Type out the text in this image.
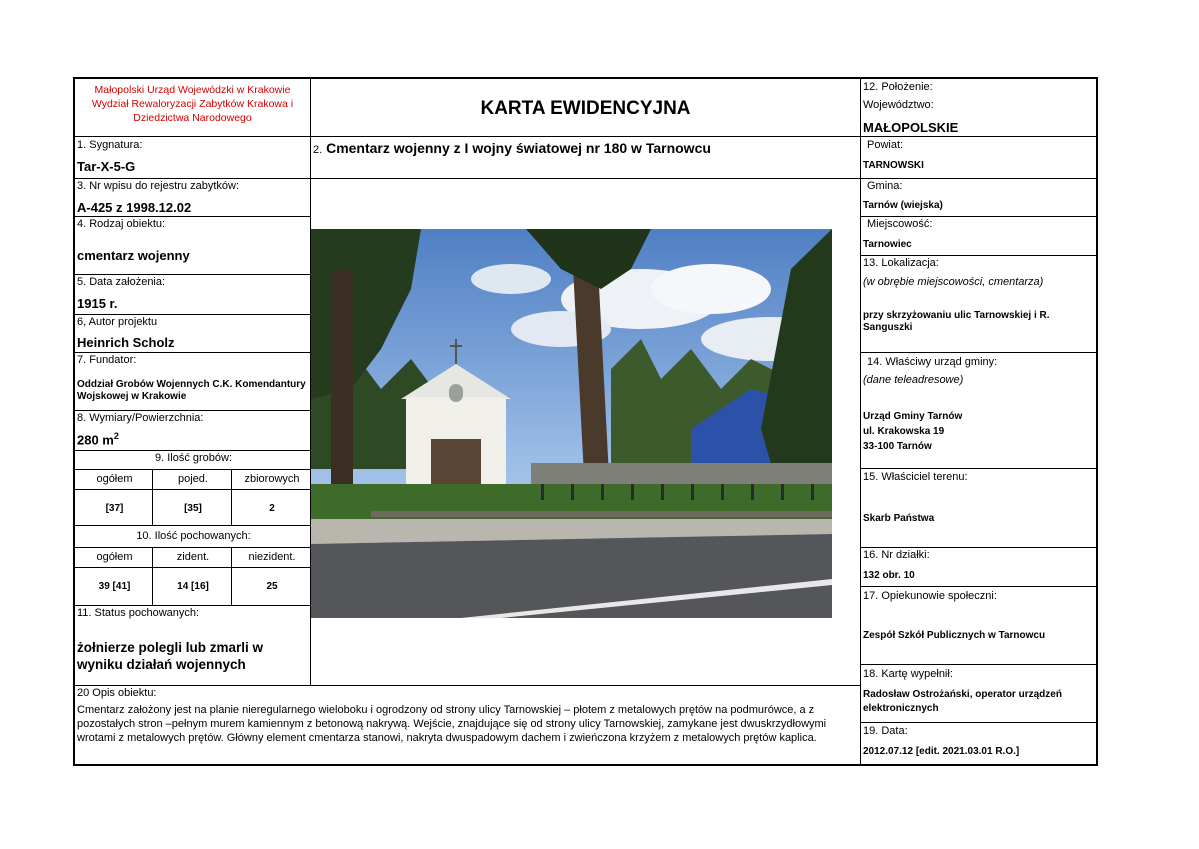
Małopolski Urząd Wojewódzki w Krakowie
Wydział Rewaloryzacji Zabytków Krakowa i
Dziedzictwa Narodowego
1. Sygnatura:
Tar-X-5-G
3. Nr wpisu do rejestru zabytków:
A-425 z 1998.12.02
4. Rodzaj obiektu:
cmentarz wojenny
5. Data założenia:
1915 r.
6, Autor projektu
Heinrich Scholz
7. Fundator:
Oddział Grobów Wojennych C.K. Komendantury Wojskowej w Krakowie
8. Wymiary/Powierzchnia:
280 $m^2$
9. Ilość grobów:
ogółem	pojed.	zbiorowych
[37]	[35]	2
10. Ilość pochowanych:
ogółem	zident.	niezident.
39 [41]	14 [16]	25
11. Status pochowanych:
żołnierze polegli lub zmarli w wyniku działań wojennych
20 Opis obiektu:
Cmentarz założony jest na planie nieregularnego wieloboku i ogrodzony od strony ulicy Tarnowskiej – płotem z metalowych prętów na podmurówce, a z pozostałych stron –pełnym murem kamiennym z betonową nakrywą. Wejście, znajdujące się od strony ulicy Tarnowskiej, zamykane jest dwuskrzydłowymi wrotami z metalowych prętów. Główny element cmentarza stanowi, nakryta dwuspadowym dachem i zwieńczona krzyżem z metalowych prętów kaplica.
KARTA EWIDENCYJNA
2. Cmentarz wojenny z I wojny światowej nr 180 w Tarnowcu
12. Położenie:
Województwo:
MAŁOPOLSKIE
Powiat:
TARNOWSKI
Gmina:
Tarnów (wiejska)
Miejscowość:
Tarnowiec
13. Lokalizacja:
(w obrębie miejscowości, cmentarza)
przy skrzyżowaniu ulic Tarnowskiej i R. Sanguszki
14. Właściwy urząd gminy:
(dane teleadresowe)
Urząd Gminy Tarnów
ul. Krakowska 19
33-100 Tarnów
15. Właściciel terenu:
Skarb Państwa
16. Nr działki:
132 obr. 10
17. Opiekunowie społeczni:
Zespół Szkół Publicznych w Tarnowcu
18. Kartę wypełnił:
Radosław Ostrożański, operator urządzeń elektronicznych
19. Data:
2012.07.12 [edit. 2021.03.01 R.O.]
